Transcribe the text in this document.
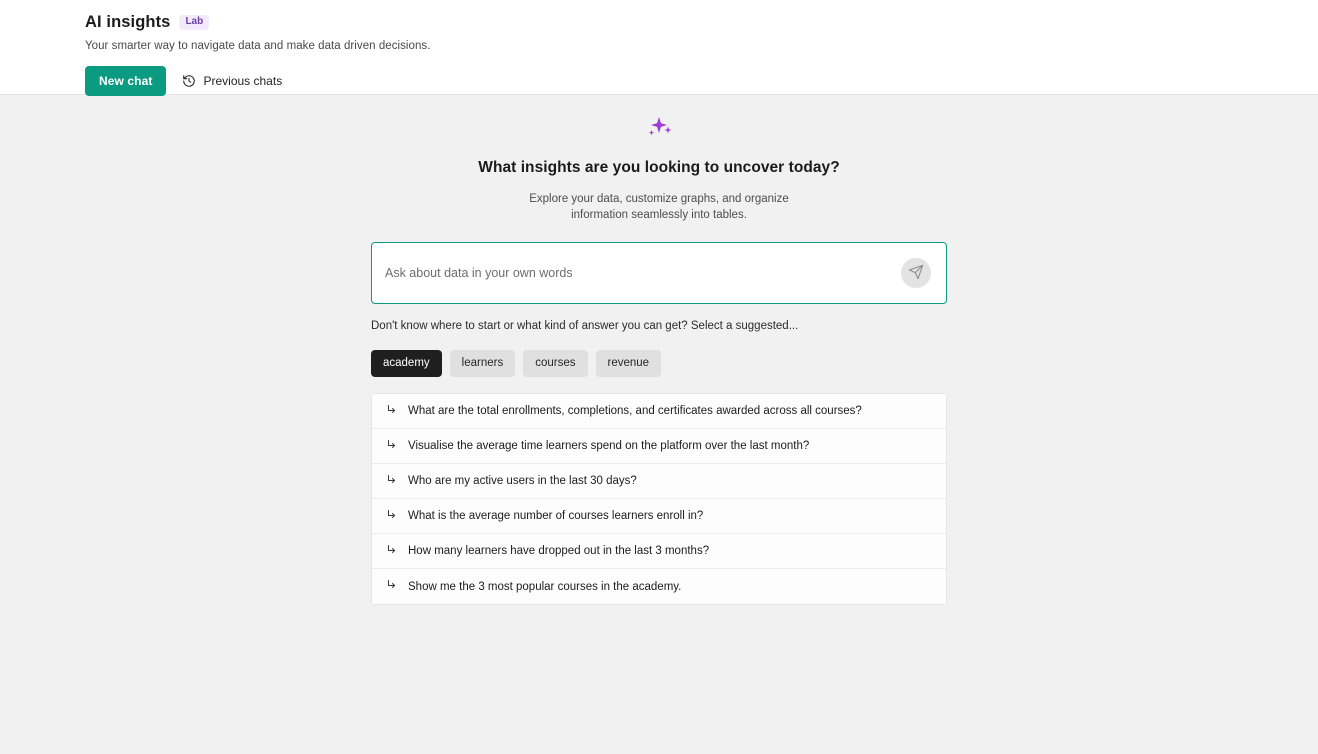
AI insights	Lab
Your smarter way to navigate data and make data driven decisions.
New chat	Previous chats
What insights are you looking to uncover today?
Explore your data, customize graphs, and organize information seamlessly into tables.
Ask about data in your own words
Don't know where to start or what kind of answer you can get? Select a suggested...
academy	learners	courses	revenue
What are the total enrollments, completions, and certificates awarded across all courses?
Visualise the average time learners spend on the platform over the last month?
Who are my active users in the last 30 days?
What is the average number of courses learners enroll in?
How many learners have dropped out in the last 3 months?
Show me the 3 most popular courses in the academy.
